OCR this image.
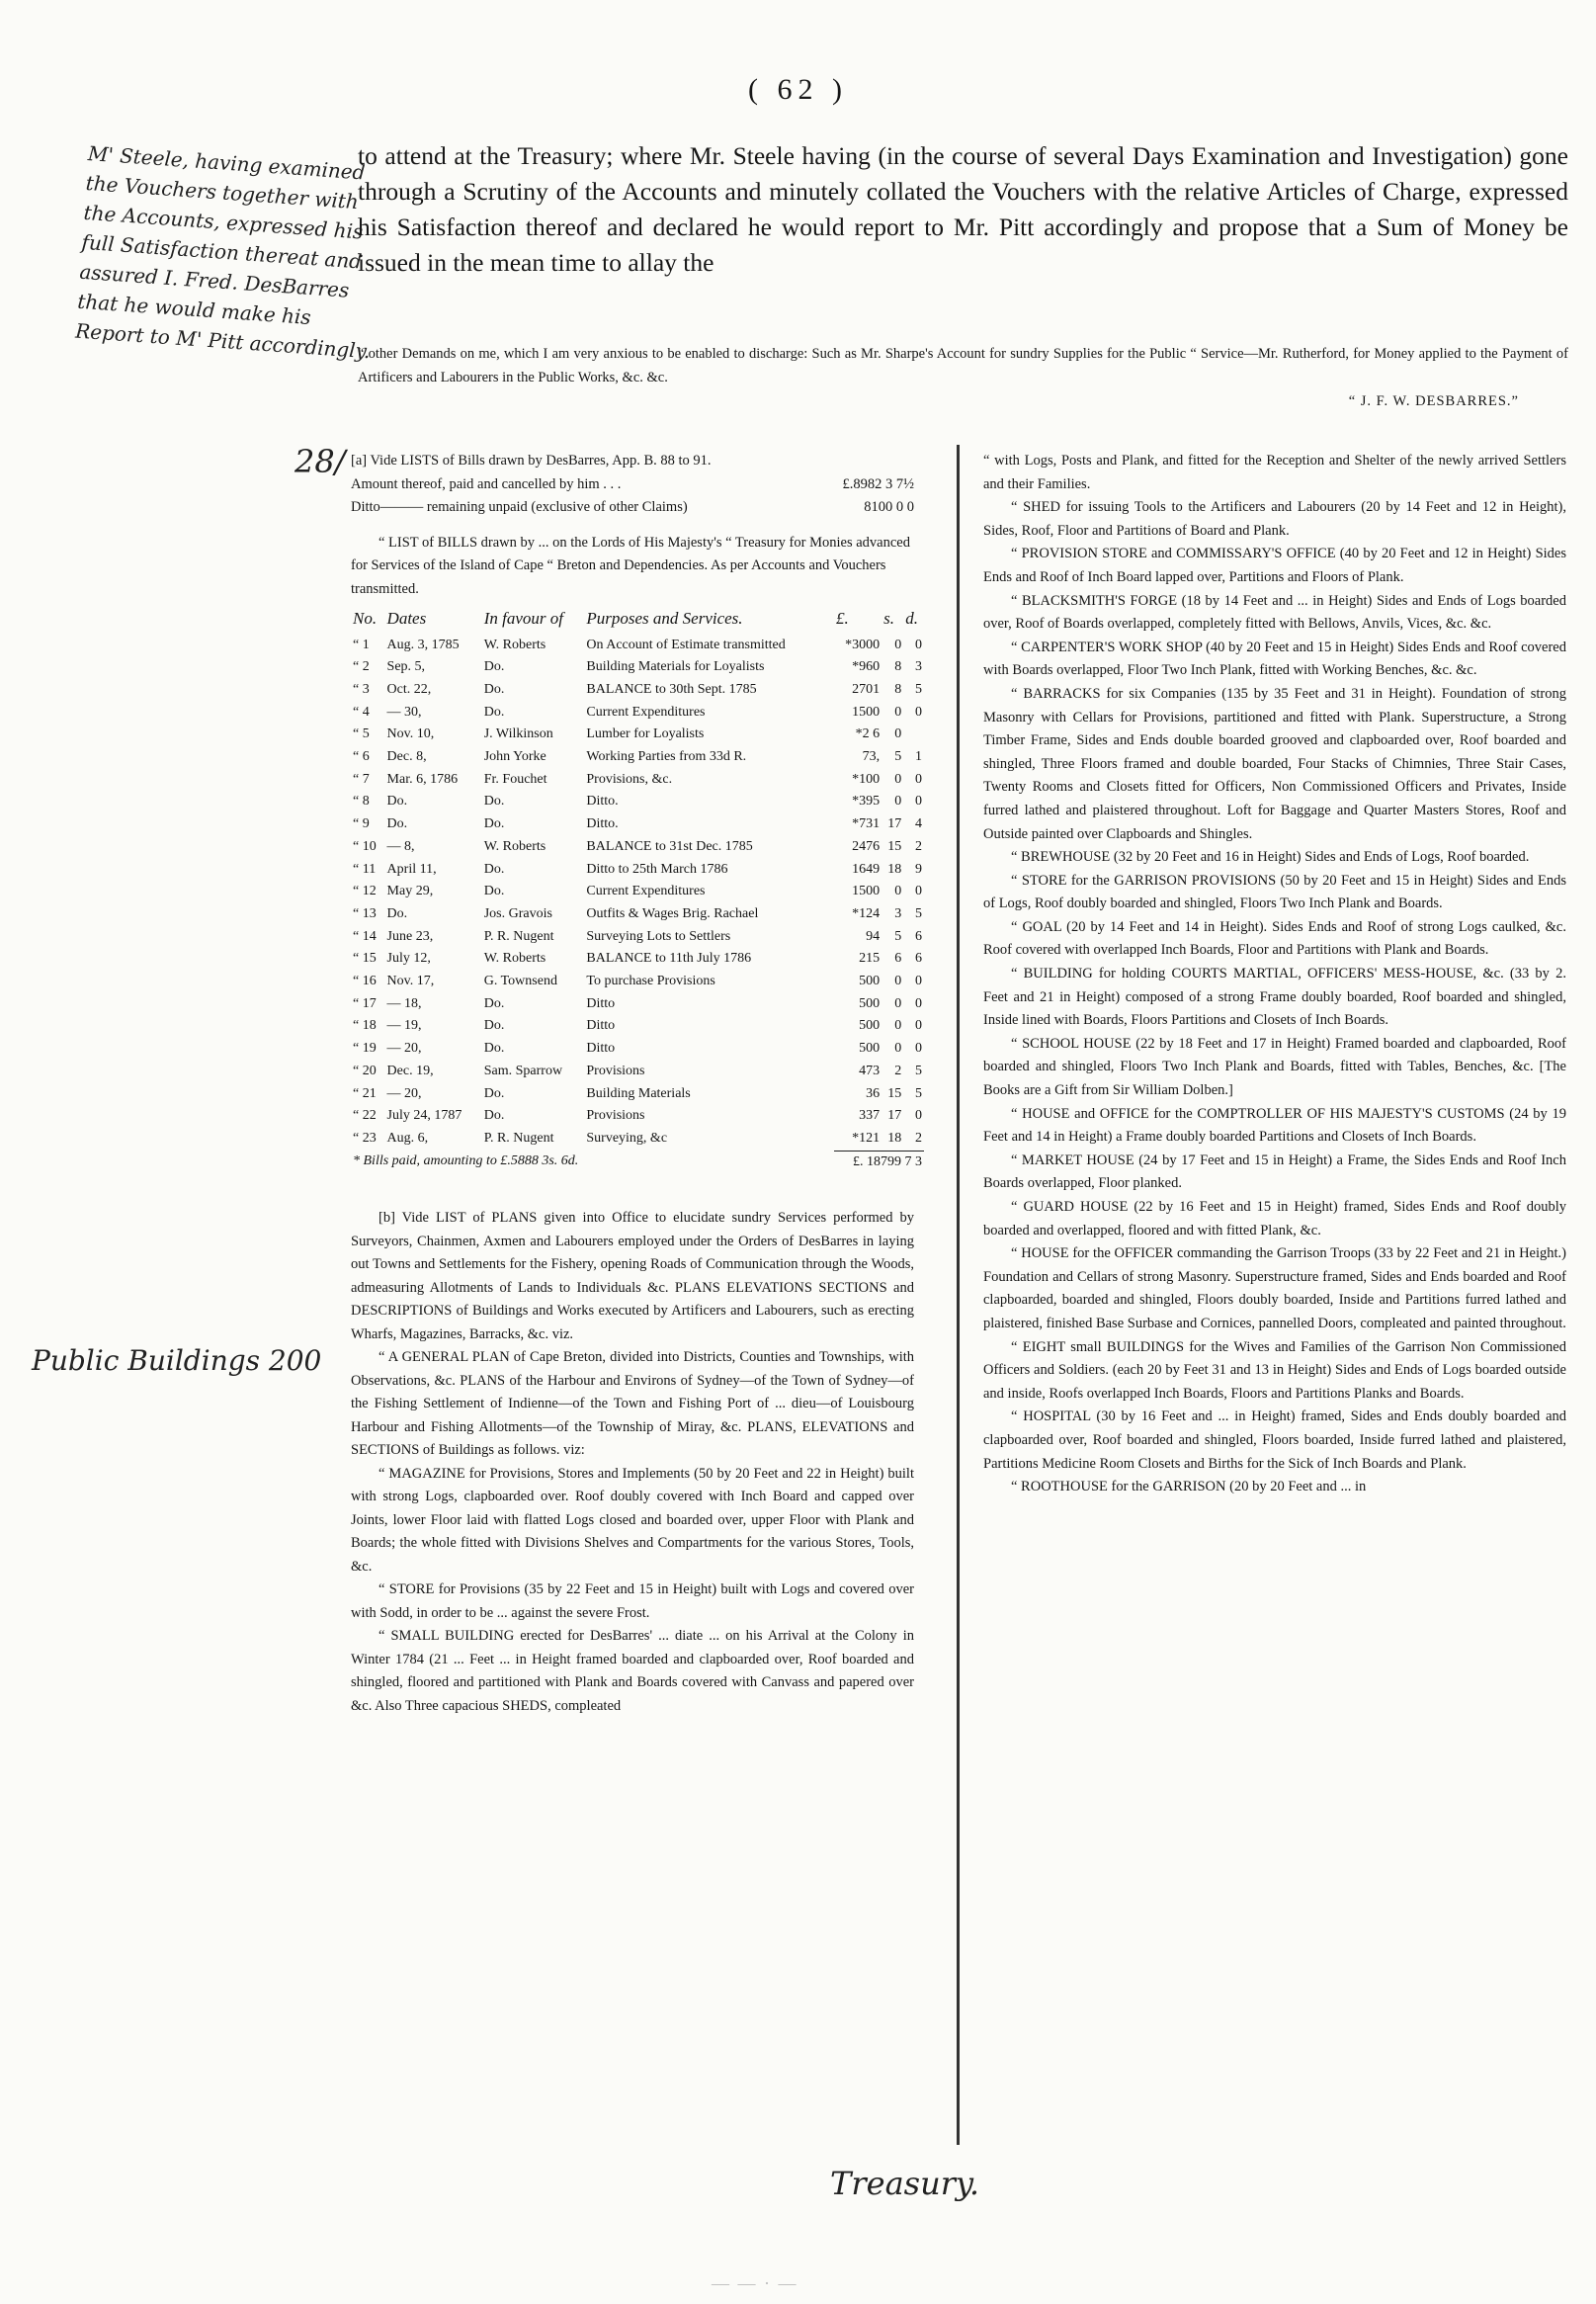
( 62 )
M' Steele, having examined the Vouchers together with the Accounts, expressed his full Satisfaction thereat and assured I. Fred. DesBarres that he would make his Report to M' Pitt accordingly.
28/
Public Buildings 200
to attend at the Treasury; where Mr. Steele having (in the course of several Days Examination and Investigation) gone through a Scrutiny of the Accounts and minutely collated the Vouchers with the relative Articles of Charge, expressed his Satisfaction thereof and declared he would report to Mr. Pitt accordingly and propose that a Sum of Money be issued in the mean time to allay the

“ other Demands on me, which I am very anxious to be enabled to discharge: Such as Mr. Sharpe's Account for sundry Supplies for the Public “ Service—Mr. Rutherford, for Money applied to the Payment of Artificers and Labourers in the Public Works, &c. &c.

“ J. F. W. DESBARRES.”

[a] Vide LISTS of Bills drawn by DesBarres, App. B. 88 to 91.

Amount thereof, paid and cancelled by him . . .	£.8982 3 7½
Ditto——— remaining unpaid (exclusive of other Claims)	8100 0 0

“ LIST of BILLS drawn by ... on the Lords of His Majesty's “ Treasury for Monies advanced for Services of the Island of Cape “ Breton and Dependencies. As per Accounts and Vouchers transmitted.

No.	Dates	In favour of	Purposes and Services.	£.	s.	d.
“ 1	Aug. 3, 1785	W. Roberts	On Account of Estimate transmitted	*3000	0	0
“ 2	Sep. 5,	Do.	Building Materials for Loyalists	*960	8	3
“ 3	Oct. 22,	Do.	BALANCE to 30th Sept. 1785	2701	8	5
“ 4	— 30,	Do.	Current Expenditures	1500	0	0
“ 5	Nov. 10,	J. Wilkinson	Lumber for Loyalists	*2 6	0	
“ 6	Dec. 8,	John Yorke	Working Parties from 33d R.	73,	5	1
“ 7	Mar. 6, 1786	Fr. Fouchet	Provisions, &c.	*100	0	0
“ 8	Do.	Do.	Ditto.	*395	0	0
“ 9	Do.	Do.	Ditto.	*731	17	4
“ 10	— 8,	W. Roberts	BALANCE to 31st Dec. 1785	2476	15	2
“ 11	April 11,	Do.	Ditto to 25th March 1786	1649	18	9
“ 12	May 29,	Do.	Current Expenditures	1500	0	0
“ 13	Do.	Jos. Gravois	Outfits & Wages Brig. Rachael	*124	3	5
“ 14	June 23,	P. R. Nugent	Surveying Lots to Settlers	94	5	6
“ 15	July 12,	W. Roberts	BALANCE to 11th July 1786	215	6	6
“ 16	Nov. 17,	G. Townsend	To purchase Provisions	500	0	0
“ 17	— 18,	Do.	Ditto	500	0	0
“ 18	— 19,	Do.	Ditto	500	0	0
“ 19	— 20,	Do.	Ditto	500	0	0
“ 20	Dec. 19,	Sam. Sparrow	Provisions	473	2	5
“ 21	— 20,	Do.	Building Materials	36	15	5
“ 22	July 24, 1787	Do.	Provisions	337	17	0
“ 23	Aug. 6,	P. R. Nugent	Surveying, &c	*121	18	2
* Bills paid, amounting to £.5888 3s. 6d.				£. 18799 7 3		

[b] Vide LIST of PLANS given into Office to elucidate sundry Services performed by Surveyors, Chainmen, Axmen and Labourers employed under the Orders of DesBarres in laying out Towns and Settlements for the Fishery, opening Roads of Communication through the Woods, admeasuring Allotments of Lands to Individuals &c. PLANS ELEVATIONS SECTIONS and DESCRIPTIONS of Buildings and Works executed by Artificers and Labourers, such as erecting Wharfs, Magazines, Barracks, &c. viz.

“ A GENERAL PLAN of Cape Breton, divided into Districts, Counties and Townships, with Observations, &c. PLANS of the Harbour and Environs of Sydney—of the Town of Sydney—of the Fishing Settlement of Indienne—of the Town and Fishing Port of ... dieu—of Louisbourg Harbour and Fishing Allotments—of the Township of Miray, &c. PLANS, ELEVATIONS and SECTIONS of Buildings as follows. viz:

“ MAGAZINE for Provisions, Stores and Implements (50 by 20 Feet and 22 in Height) built with strong Logs, clapboarded over. Roof doubly covered with Inch Board and capped over Joints, lower Floor laid with flatted Logs closed and boarded over, upper Floor with Plank and Boards; the whole fitted with Divisions Shelves and Compartments for the various Stores, Tools, &c.

“ STORE for Provisions (35 by 22 Feet and 15 in Height) built with Logs and covered over with Sodd, in order to be ... against the severe Frost.

“ SMALL BUILDING erected for DesBarres' ... diate ... on his Arrival at the Colony in Winter 1784 (21 ... Feet ... in Height framed boarded and clapboarded over, Roof boarded and shingled, floored and partitioned with Plank and Boards covered with Canvass and papered over &c. Also Three capacious SHEDS, compleated

“ with Logs, Posts and Plank, and fitted for the Reception and Shelter of the newly arrived Settlers and their Families.

“ SHED for issuing Tools to the Artificers and Labourers (20 by 14 Feet and 12 in Height), Sides, Roof, Floor and Partitions of Board and Plank.

“ PROVISION STORE and COMMISSARY'S OFFICE (40 by 20 Feet and 12 in Height) Sides Ends and Roof of Inch Board lapped over, Partitions and Floors of Plank.

“ BLACKSMITH'S FORGE (18 by 14 Feet and ... in Height) Sides and Ends of Logs boarded over, Roof of Boards overlapped, completely fitted with Bellows, Anvils, Vices, &c. &c.

“ CARPENTER'S WORK SHOP (40 by 20 Feet and 15 in Height) Sides Ends and Roof covered with Boards overlapped, Floor Two Inch Plank, fitted with Working Benches, &c. &c.

“ BARRACKS for six Companies (135 by 35 Feet and 31 in Height). Foundation of strong Masonry with Cellars for Provisions, partitioned and fitted with Plank. Superstructure, a Strong Timber Frame, Sides and Ends double boarded grooved and clapboarded over, Roof boarded and shingled, Three Floors framed and double boarded, Four Stacks of Chimnies, Three Stair Cases, Twenty Rooms and Closets fitted for Officers, Non Commissioned Officers and Privates, Inside furred lathed and plaistered throughout. Loft for Baggage and Quarter Masters Stores, Roof and Outside painted over Clapboards and Shingles.

“ BREWHOUSE (32 by 20 Feet and 16 in Height) Sides and Ends of Logs, Roof boarded.

“ STORE for the GARRISON PROVISIONS (50 by 20 Feet and 15 in Height) Sides and Ends of Logs, Roof doubly boarded and shingled, Floors Two Inch Plank and Boards.

“ GOAL (20 by 14 Feet and 14 in Height). Sides Ends and Roof of strong Logs caulked, &c. Roof covered with overlapped Inch Boards, Floor and Partitions with Plank and Boards.

“ BUILDING for holding COURTS MARTIAL, OFFICERS' MESS-HOUSE, &c. (33 by 2. Feet and 21 in Height) composed of a strong Frame doubly boarded, Roof boarded and shingled, Inside lined with Boards, Floors Partitions and Closets of Inch Boards.

“ SCHOOL HOUSE (22 by 18 Feet and 17 in Height) Framed boarded and clapboarded, Roof boarded and shingled, Floors Two Inch Plank and Boards, fitted with Tables, Benches, &c. [The Books are a Gift from Sir William Dolben.]

“ HOUSE and OFFICE for the COMPTROLLER OF HIS MAJESTY'S CUSTOMS (24 by 19 Feet and 14 in Height) a Frame doubly boarded Partitions and Closets of Inch Boards.

“ MARKET HOUSE (24 by 17 Feet and 15 in Height) a Frame, the Sides Ends and Roof Inch Boards overlapped, Floor planked.

“ GUARD HOUSE (22 by 16 Feet and 15 in Height) framed, Sides Ends and Roof doubly boarded and overlapped, floored and with fitted Plank, &c.

“ HOUSE for the OFFICER commanding the Garrison Troops (33 by 22 Feet and 21 in Height.) Foundation and Cellars of strong Masonry. Superstructure framed, Sides and Ends boarded and Roof clapboarded, boarded and shingled, Floors doubly boarded, Inside and Partitions furred lathed and plaistered, finished Base Surbase and Cornices, pannelled Doors, compleated and painted throughout.

“ EIGHT small BUILDINGS for the Wives and Families of the Garrison Non Commissioned Officers and Soldiers. (each 20 by Feet 31 and 13 in Height) Sides and Ends of Logs boarded outside and inside, Roofs overlapped Inch Boards, Floors and Partitions Planks and Boards.

“ HOSPITAL (30 by 16 Feet and ... in Height) framed, Sides and Ends doubly boarded and clapboarded over, Roof boarded and shingled, Floors boarded, Inside furred lathed and plaistered, Partitions Medicine Room Closets and Births for the Sick of Inch Boards and Plank.

“ ROOTHOUSE for the GARRISON (20 by 20 Feet and ... in

Treasury.
— — · —
